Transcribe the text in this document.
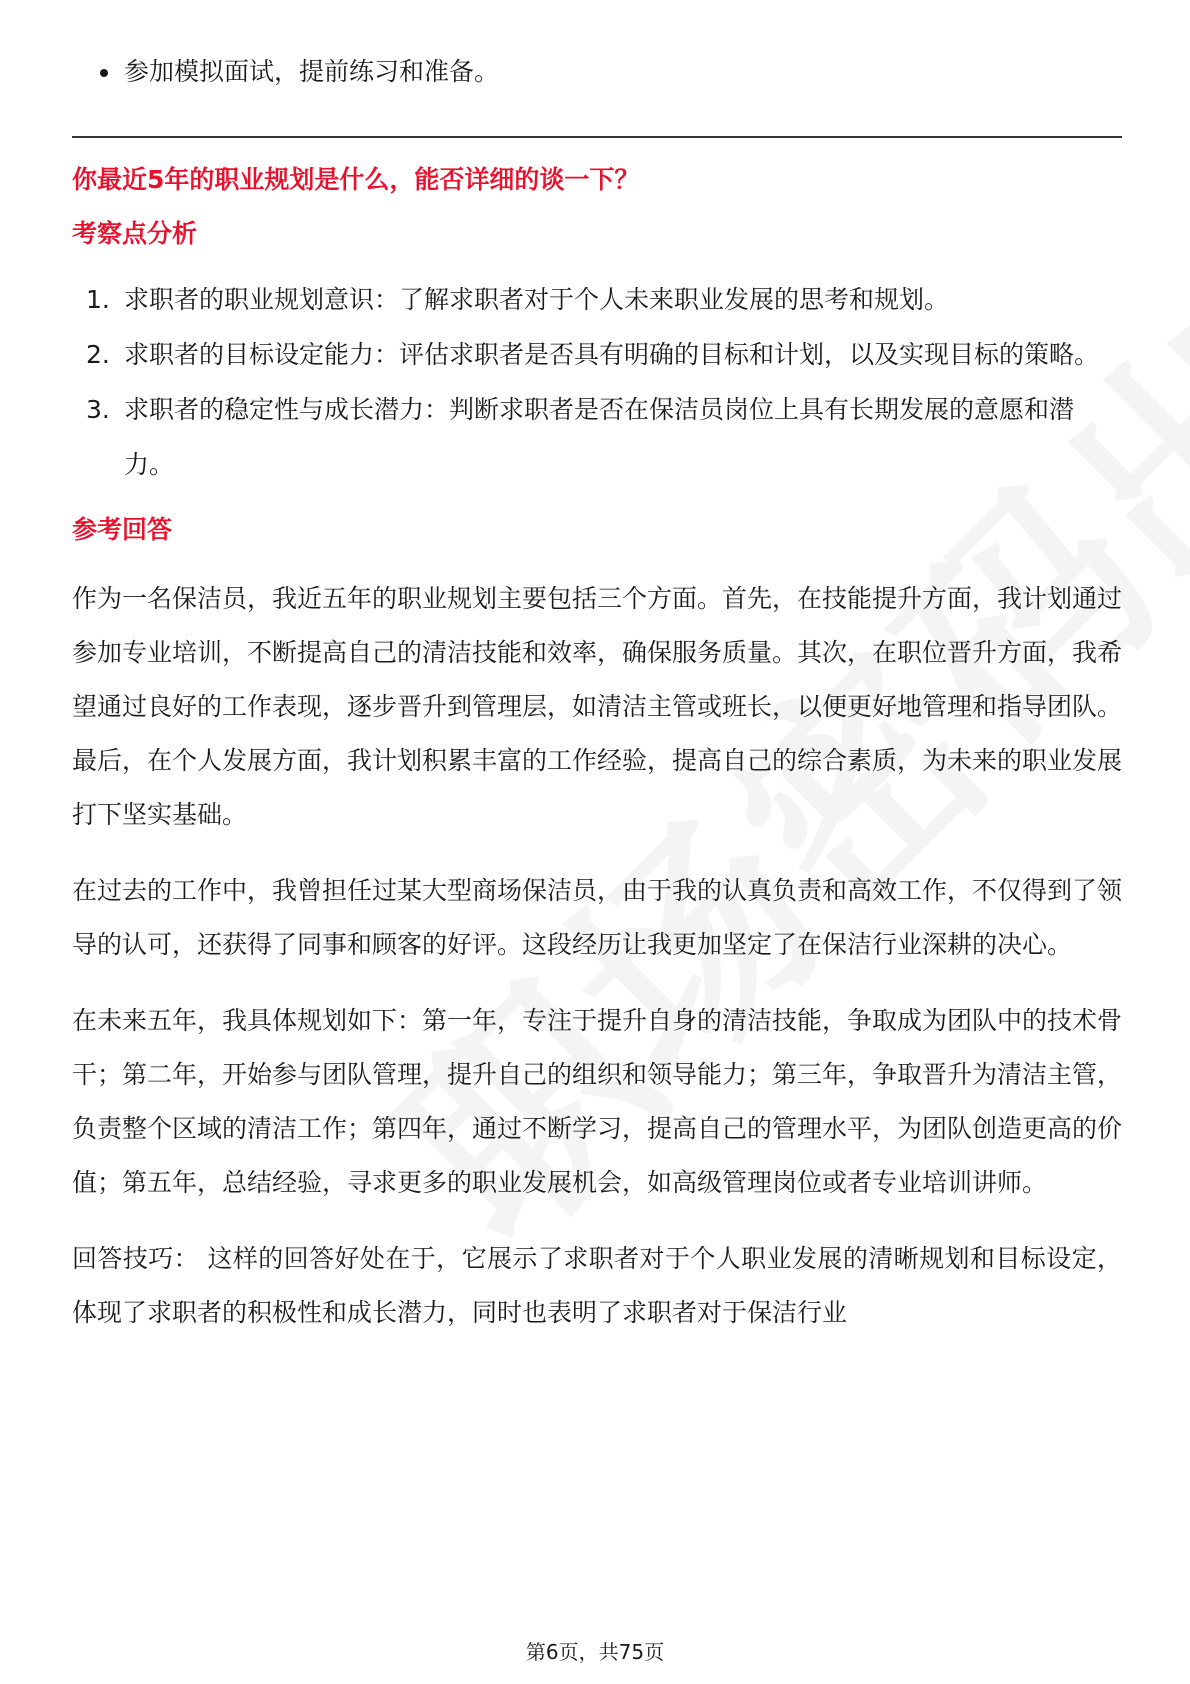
参加模拟面试，提前练习和准备。
你最近5年的职业规划是什么，能否详细的谈一下？
考察点分析
1. 求职者的职业规划意识：了解求职者对于个人未来职业发展的思考和规划。
2. 求职者的目标设定能力：评估求职者是否具有明确的目标和计划，以及实现目标的策略。
3. 求职者的稳定性与成长潜力：判断求职者是否在保洁员岗位上具有长期发展的意愿和潜力。
参考回答
作为一名保洁员，我近五年的职业规划主要包括三个方面。首先，在技能提升方面，我计划通过参加专业培训，不断提高自己的清洁技能和效率，确保服务质量。其次，在职位晋升方面，我希望通过良好的工作表现，逐步晋升到管理层，如清洁主管或班长，以便更好地管理和指导团队。最后，在个人发展方面，我计划积累丰富的工作经验，提高自己的综合素质，为未来的职业发展打下坚实基础。
在过去的工作中，我曾担任过某大型商场保洁员，由于我的认真负责和高效工作，不仅得到了领导的认可，还获得了同事和顾客的好评。这段经历让我更加坚定了在保洁行业深耕的决心。
在未来五年，我具体规划如下：第一年，专注于提升自身的清洁技能，争取成为团队中的技术骨干；第二年，开始参与团队管理，提升自己的组织和领导能力；第三年，争取晋升为清洁主管，负责整个区域的清洁工作；第四年，通过不断学习，提高自己的管理水平，为团队创造更高的价值；第五年，总结经验，寻求更多的职业发展机会，如高级管理岗位或者专业培训讲师。
回答技巧： 这样的回答好处在于，它展示了求职者对于个人职业发展的清晰规划和目标设定，体现了求职者的积极性和成长潜力，同时也表明了求职者对于保洁行业
第6页，共75页
